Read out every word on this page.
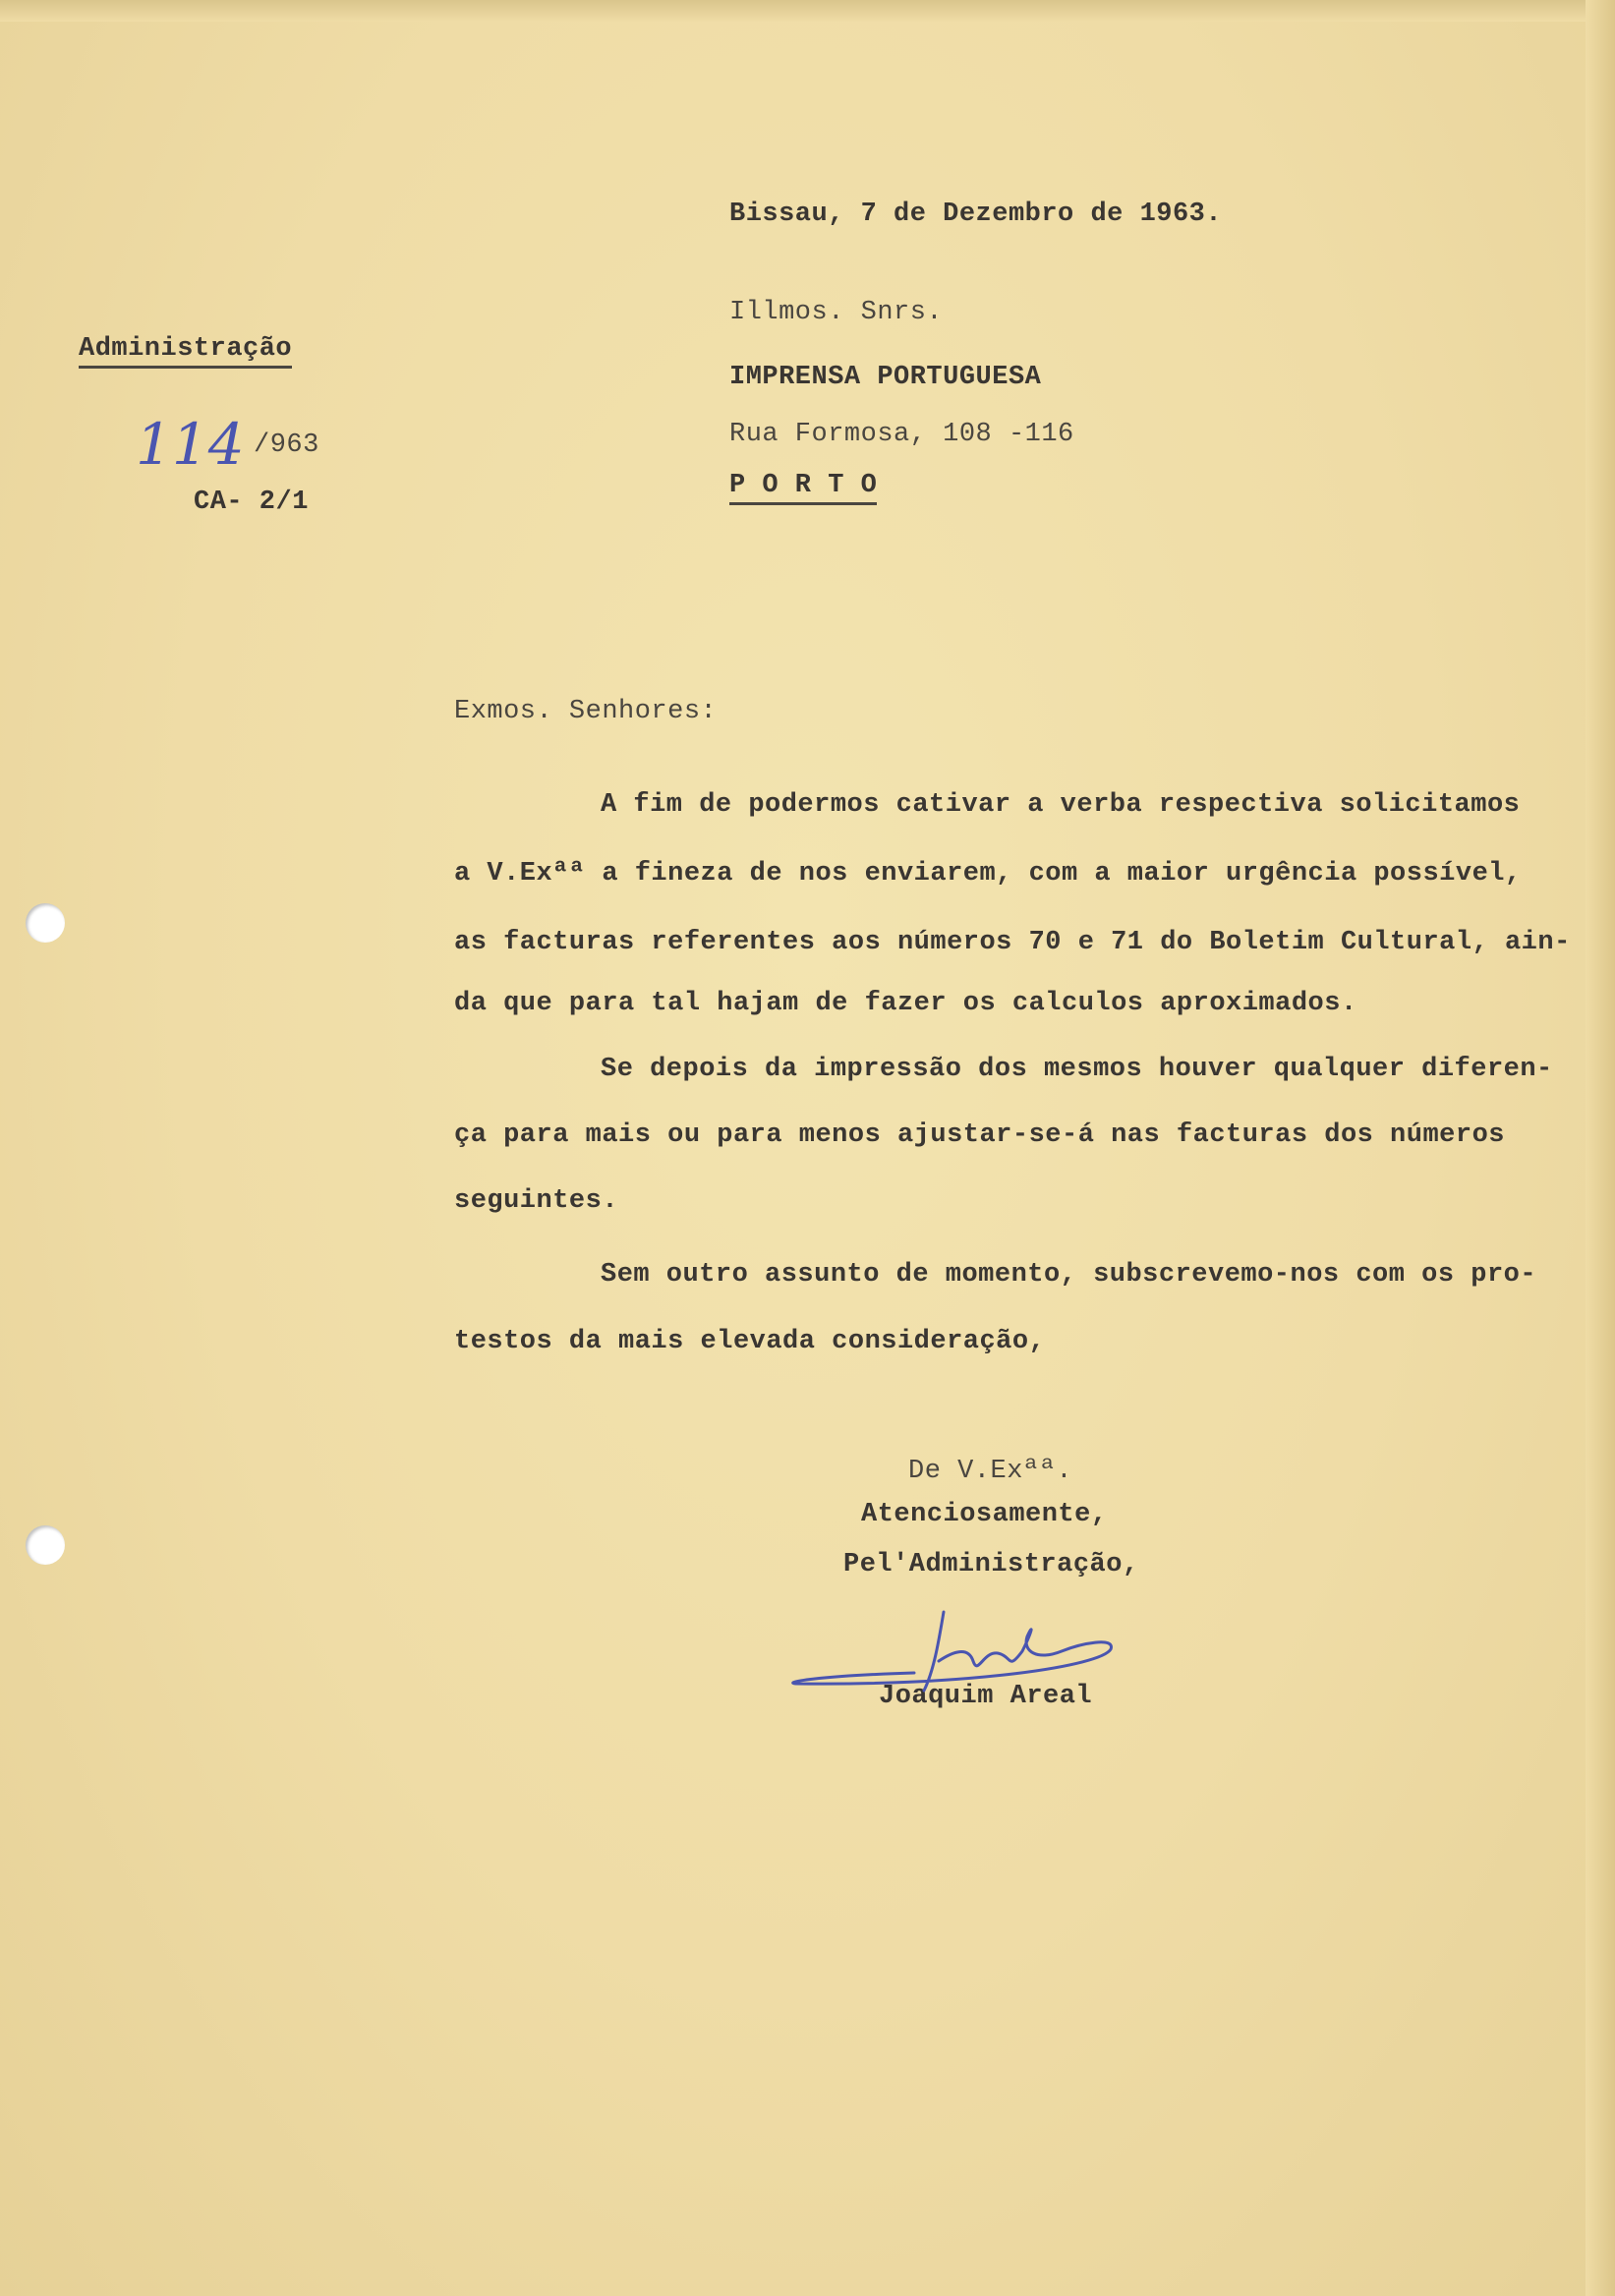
Bissau, 7 de Dezembro de 1963.
Illmos. Snrs.
IMPRENSA PORTUGUESA
Rua Formosa, 108 -116
P O R T O
Administração
114 /963
CA- 2/1
Exmos. Senhores:
A fim de podermos cativar a verba respectiva solicitamos
a V.Exªª a fineza de nos enviarem, com a maior urgência possível,
as facturas referentes aos números 70 e 71 do Boletim Cultural, ain-
da que para tal hajam de fazer os calculos aproximados.
Se depois da impressão dos mesmos houver qualquer diferen-
ça para mais ou para menos ajustar-se-á nas facturas dos números
seguintes.
Sem outro assunto de momento, subscrevemo-nos com os pro-
testos da mais elevada consideração,
De V.Exªª.
Atenciosamente,
Pel'Administração,
Joaquim Areal
